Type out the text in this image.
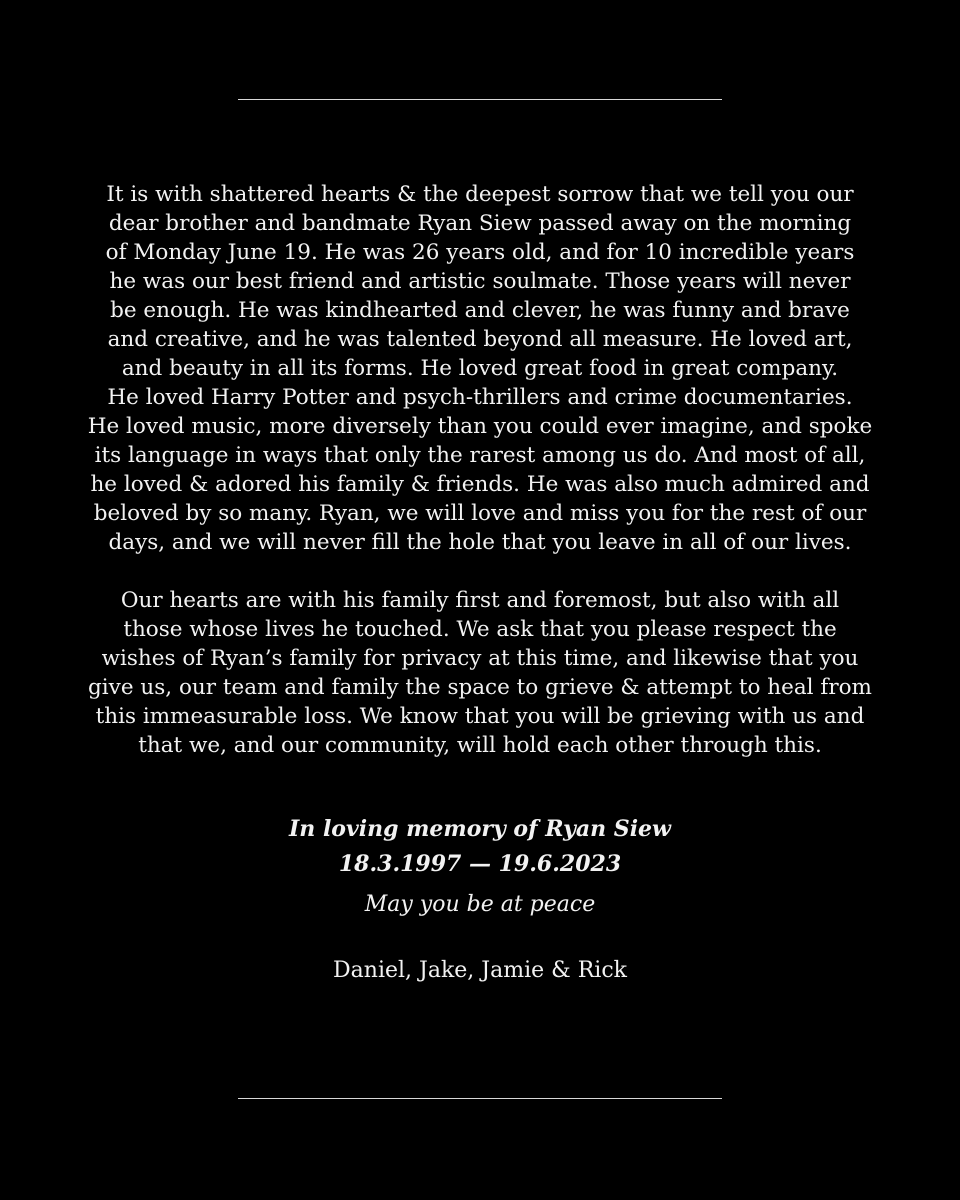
It is with shattered hearts & the deepest sorrow that we tell you our
dear brother and bandmate Ryan Siew passed away on the morning
of Monday June 19. He was 26 years old, and for 10 incredible years
he was our best friend and artistic soulmate. Those years will never
be enough. He was kindhearted and clever, he was funny and brave
and creative, and he was talented beyond all measure. He loved art,
and beauty in all its forms. He loved great food in great company.
He loved Harry Potter and psych-thrillers and crime documentaries.
He loved music, more diversely than you could ever imagine, and spoke
its language in ways that only the rarest among us do. And most of all,
he loved & adored his family & friends. He was also much admired and
beloved by so many. Ryan, we will love and miss you for the rest of our
days, and we will never fill the hole that you leave in all of our lives.

Our hearts are with his family first and foremost, but also with all
those whose lives he touched. We ask that you please respect the
wishes of Ryan’s family for privacy at this time, and likewise that you
give us, our team and family the space to grieve & attempt to heal from
this immeasurable loss. We know that you will be grieving with us and
that we, and our community, will hold each other through this.

In loving memory of Ryan Siew
18.3.1997 — 19.6.2023
May you be at peace
Daniel, Jake, Jamie & Rick
